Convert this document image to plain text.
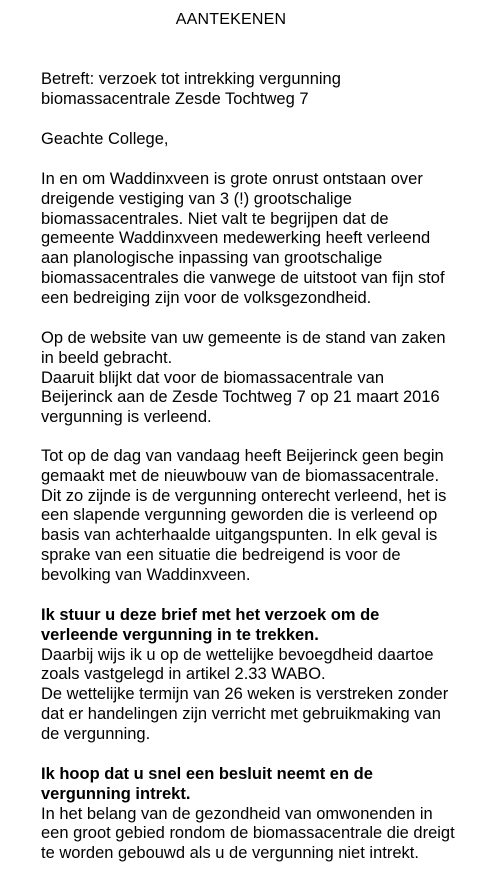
AANTEKENEN
Betreft: verzoek tot intrekking vergunning
biomassacentrale Zesde Tochtweg 7
Geachte College,
In en om Waddinxveen is grote onrust ontstaan over
dreigende vestiging van 3 (!) grootschalige
biomassacentrales. Niet valt te begrijpen dat de
gemeente Waddinxveen medewerking heeft verleend
aan planologische inpassing van grootschalige
biomassacentrales die vanwege de uitstoot van fijn stof
een bedreiging zijn voor de volksgezondheid.
Op de website van uw gemeente is de stand van zaken
in beeld gebracht.
Daaruit blijkt dat voor de biomassacentrale van
Beijerinck aan de Zesde Tochtweg 7 op 21 maart 2016
vergunning is verleend.
Tot op de dag van vandaag heeft Beijerinck geen begin
gemaakt met de nieuwbouw van de biomassacentrale.
Dit zo zijnde is de vergunning onterecht verleend, het is
een slapende vergunning geworden die is verleend op
basis van achterhaalde uitgangspunten. In elk geval is
sprake van een situatie die bedreigend is voor de
bevolking van Waddinxveen.
Ik stuur u deze brief met het verzoek om de
verleende vergunning in te trekken.
Daarbij wijs ik u op de wettelijke bevoegdheid daartoe
zoals vastgelegd in artikel 2.33 WABO.
De wettelijke termijn van 26 weken is verstreken zonder
dat er handelingen zijn verricht met gebruikmaking van
de vergunning.
Ik hoop dat u snel een besluit neemt en de
vergunning intrekt.
In het belang van de gezondheid van omwonenden in
een groot gebied rondom de biomassacentrale die dreigt
te worden gebouwd als u de vergunning niet intrekt.
